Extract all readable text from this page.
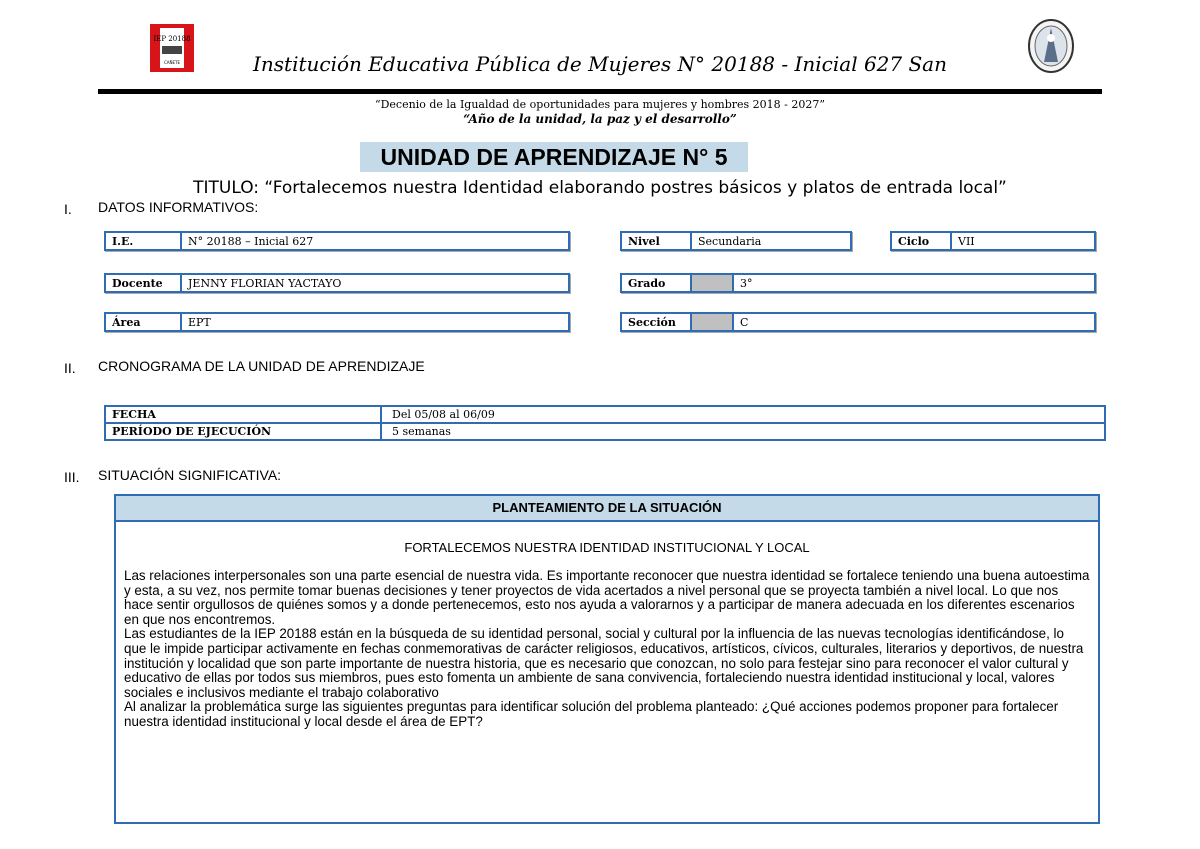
IEP 20188
CAÑETE	Institución Educativa Pública de Mujeres N° 20188 - Inicial 627 San
“Decenio de la Igualdad de oportunidades para mujeres y hombres 2018 - 2027”
“Año de la unidad, la paz y el desarrollo”
UNIDAD DE APRENDIZAJE N° 5
TITULO: “Fortalecemos nuestra Identidad elaborando postres básicos y platos de entrada local”
I. DATOS INFORMATIVOS:
I.E.	N° 20188 – Inicial 627
Docente	JENNY FLORIAN YACTAYO
Área	EPT
Nivel	Secundaria	Ciclo	VII
Grado	3°
Sección	C
II. CRONOGRAMA DE LA UNIDAD DE APRENDIZAJE
FECHA	Del 05/08 al 06/09
PERÍODO DE EJECUCIÓN	5 semanas
III. SITUACIÓN SIGNIFICATIVA:
PLANTEAMIENTO DE LA SITUACIÓN
FORTALECEMOS NUESTRA IDENTIDAD INSTITUCIONAL Y LOCAL

Las relaciones interpersonales son una parte esencial de nuestra vida. Es importante reconocer que nuestra identidad se fortalece teniendo una buena autoestima y esta, a su vez, nos permite tomar buenas decisiones y tener proyectos de vida acertados a nivel personal que se proyecta también a nivel local. Lo que nos hace sentir orgullosos de quiénes somos y a donde pertenecemos, esto nos ayuda a valorarnos y a participar de manera adecuada en los diferentes escenarios en que nos encontremos.

Las estudiantes de la IEP 20188 están en la búsqueda de su identidad personal, social y cultural por la influencia de las nuevas tecnologías identificándose, lo que le impide participar activamente en fechas conmemorativas de carácter religiosos, educativos, artísticos, cívicos, culturales, literarios y deportivos, de nuestra institución y localidad que son parte importante de nuestra historia, que es necesario que conozcan, no solo para festejar sino para reconocer el valor cultural y educativo de ellas por todos sus miembros, pues esto fomenta un ambiente de sana convivencia, fortaleciendo nuestra identidad institucional y local, valores sociales e inclusivos mediante el trabajo colaborativo

Al analizar la problemática surge las siguientes preguntas para identificar solución del problema planteado: ¿Qué acciones podemos proponer para fortalecer nuestra identidad institucional y local desde el área de EPT?
